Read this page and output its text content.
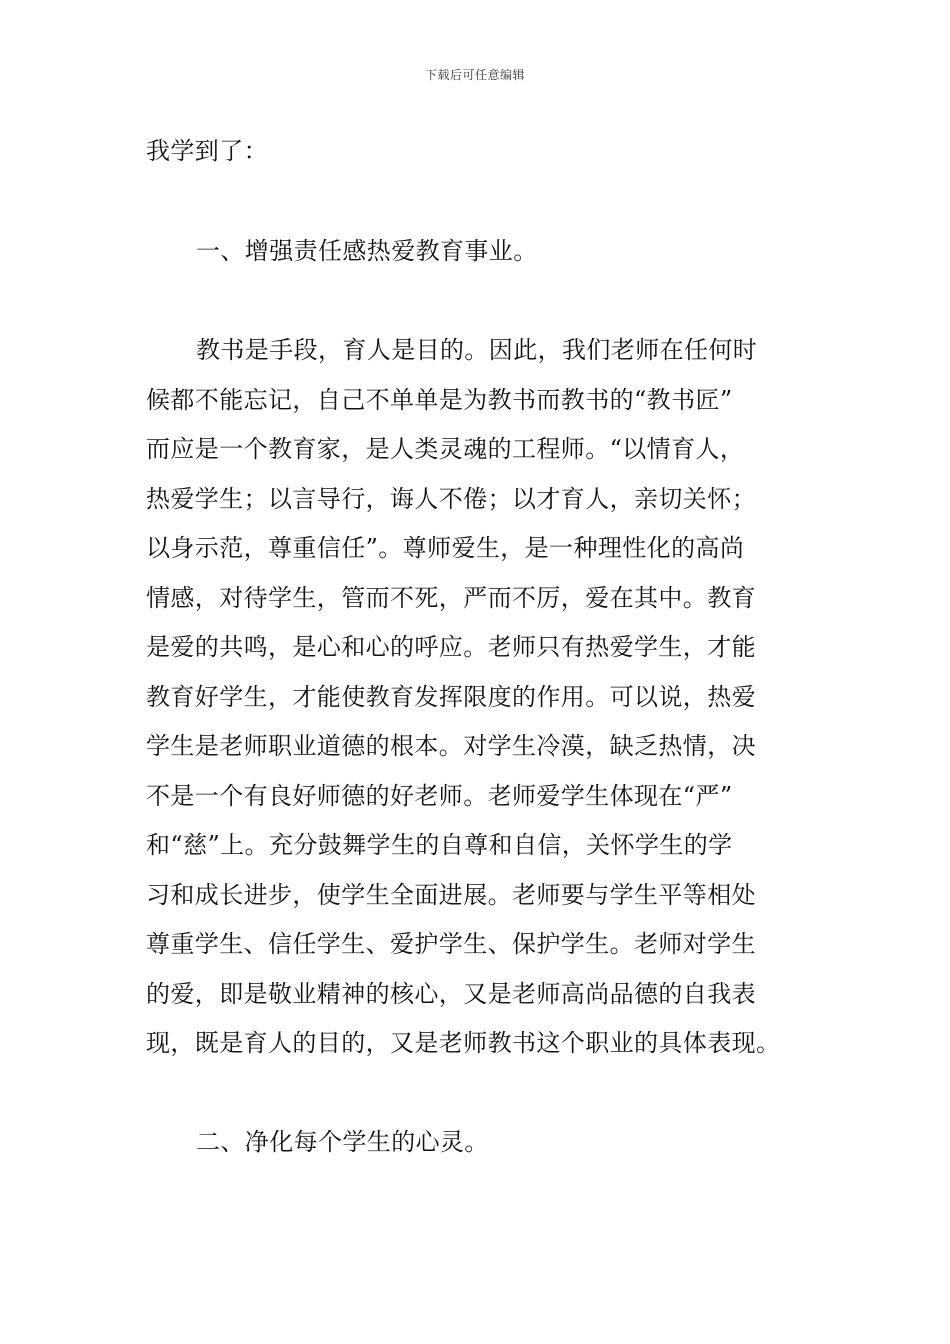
下载后可任意编辑

我学到了：

一、增强责任感热爱教育事业。

教书是手段，育人是目的。因此，我们老师在任何时
候都不能忘记，自己不单单是为教书而教书的“教书匠”
而应是一个教育家，是人类灵魂的工程师。“以情育人，
热爱学生；以言导行，诲人不倦；以才育人，亲切关怀；
以身示范，尊重信任”。尊师爱生，是一种理性化的高尚
情感，对待学生，管而不死，严而不厉，爱在其中。教育
是爱的共鸣，是心和心的呼应。老师只有热爱学生，才能
教育好学生，才能使教育发挥限度的作用。可以说，热爱
学生是老师职业道德的根本。对学生冷漠，缺乏热情，决
不是一个有良好师德的好老师。老师爱学生体现在“严”
和“慈”上。充分鼓舞学生的自尊和自信，关怀学生的学
习和成长进步，使学生全面进展。老师要与学生平等相处
尊重学生、信任学生、爱护学生、保护学生。老师对学生
的爱，即是敬业精神的核心，又是老师高尚品德的自我表
现，既是育人的目的，又是老师教书这个职业的具体表现。

二、净化每个学生的心灵。
